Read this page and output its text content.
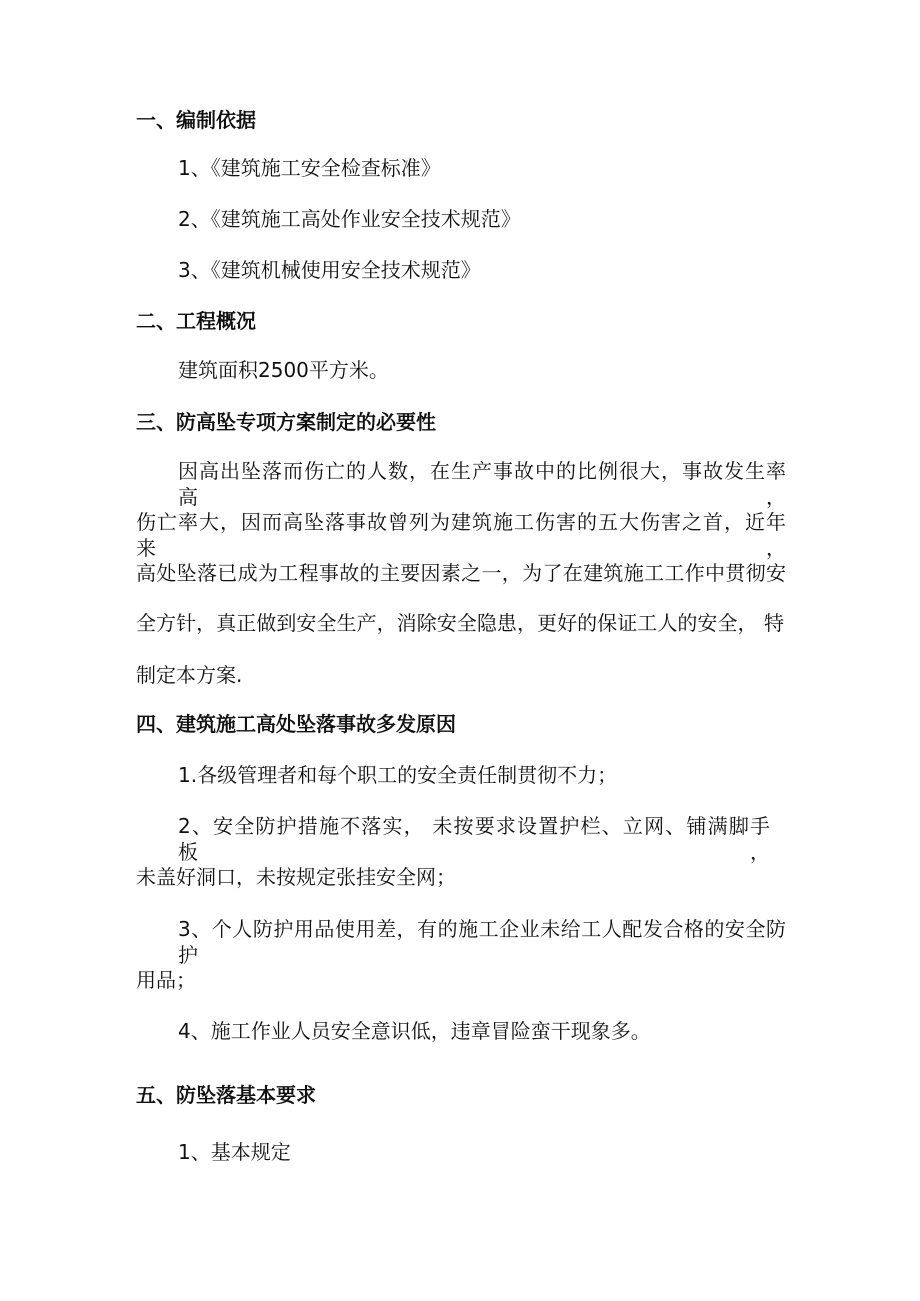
一、编制依据
1、《建筑施工安全检查标准》
2、《建筑施工高处作业安全技术规范》
3、《建筑机械使用安全技术规范》
二、工程概况
建筑面积2500平方米。
三、防高坠专项方案制定的必要性
因高出坠落而伤亡的人数，在生产事故中的比例很大，事故发生率高，
伤亡率大，因而高坠落事故曾列为建筑施工伤害的五大伤害之首，近年来，
高处坠落已成为工程事故的主要因素之一，为了在建筑施工工作中贯彻安
全方针，真正做到安全生产，消除安全隐患，更好的保证工人的安全， 特
制定本方案.
四、建筑施工高处坠落事故多发原因
1.各级管理者和每个职工的安全责任制贯彻不力；
2、安全防护措施不落实， 未按要求设置护栏、立网、铺满脚手板，
未盖好洞口，未按规定张挂安全网；
3、个人防护用品使用差，有的施工企业未给工人配发合格的安全防护
用品；
4、施工作业人员安全意识低，违章冒险蛮干现象多。
五、防坠落基本要求
1、基本规定
